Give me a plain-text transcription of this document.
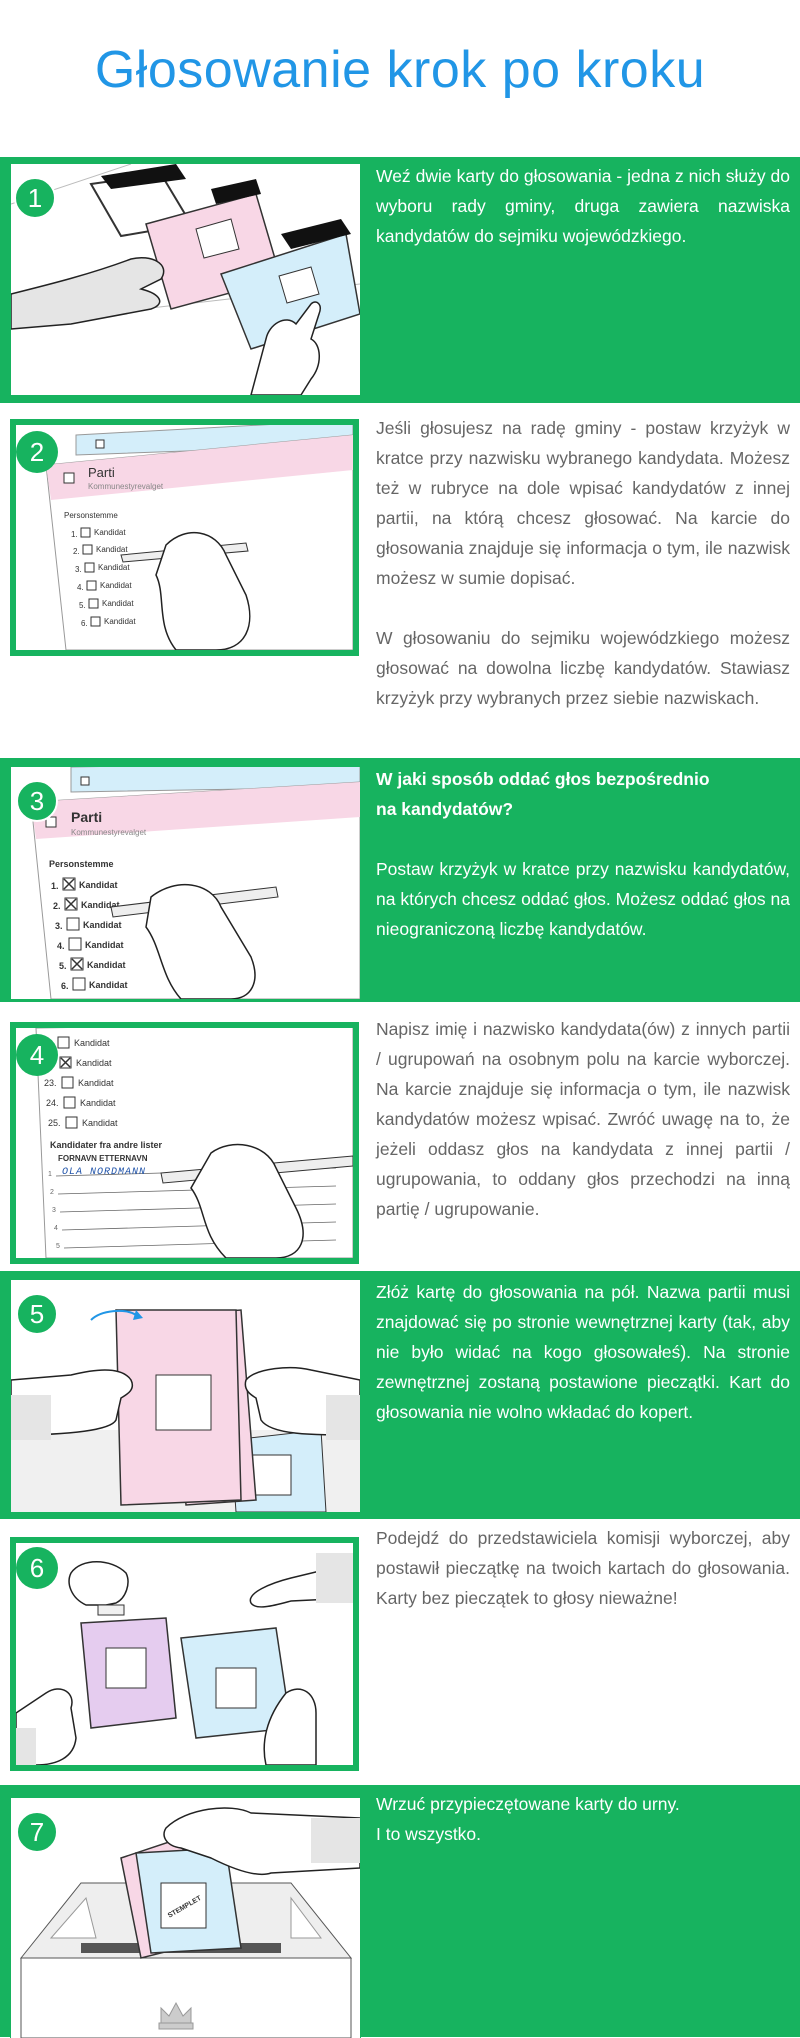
Głosowanie krok po kroku
1

Weź dwie karty do głosowania - jedna z nich służy do wyboru rady gminy, druga zawiera nazwiska kandydatów do sejmiku wojewódzkiego.

Parti
Kommunestyrevalget
Personstemme
1. Kandidat
2. Kandidat
3. Kandidat
4. Kandidat
5. Kandidat
6. Kandidat
2

Jeśli głosujesz na radę gminy - postaw krzyżyk w kratce przy nazwisku wybranego kandydata. Możesz też w rubryce na dole wpisać kandydatów z innej partii, na którą chcesz głosować. Na karcie do głosowania znajduje się informacja o tym, ile nazwisk możesz w sumie dopisać.

W głosowaniu do sejmiku wojewódzkiego możesz głosować na dowolna liczbę kandydatów. Stawiasz krzyżyk przy wybranych przez siebie nazwiskach.

Parti
Kommunestyrevalget
Personstemme
1. Kandidat
2. Kandidat
3. Kandidat
4. Kandidat
5. Kandidat
6. Kandidat
3

W jaki sposób oddać głos bezpośrednio

na kandydatów?

Postaw krzyżyk w kratce przy nazwisku kandydatów, na których chcesz oddać głos. Możesz oddać głos na nieograniczoną liczbę kandydatów.

Kandidat
Kandidat
23. Kandidat
24. Kandidat
25. Kandidat
Kandidater fra andre lister
FORNAVN ETTERNAVN
1
2
3
4
5
OLA NORDMANN
4

Napisz imię i nazwisko kandydata(ów) z innych partii / ugrupowań na osobnym polu na karcie wyborczej. Na karcie znajduje się informacja o tym, ile nazwisk kandydatów możesz wpisać. Zwróć uwagę na to, że jeżeli oddasz głos na kandydata z innej partii / ugrupowania, to oddany głos przechodzi na inną partię / ugrupowanie.

5

Złóż kartę do głosowania na pół. Nazwa partii musi znajdować się po stronie wewnętrznej karty (tak, aby nie było widać na kogo głosowałeś). Na stronie zewnętrznej zostaną postawione pieczątki. Kart do głosowania nie wolno wkładać do kopert.

6

Podejdź do przedstawiciela komisji wyborczej, aby postawił pieczątkę na twoich kartach do głosowania. Karty bez pieczątek to głosy nieważne!

STEMPLET
7

Wrzuć przypieczętowane karty do urny.

I to wszystko.
